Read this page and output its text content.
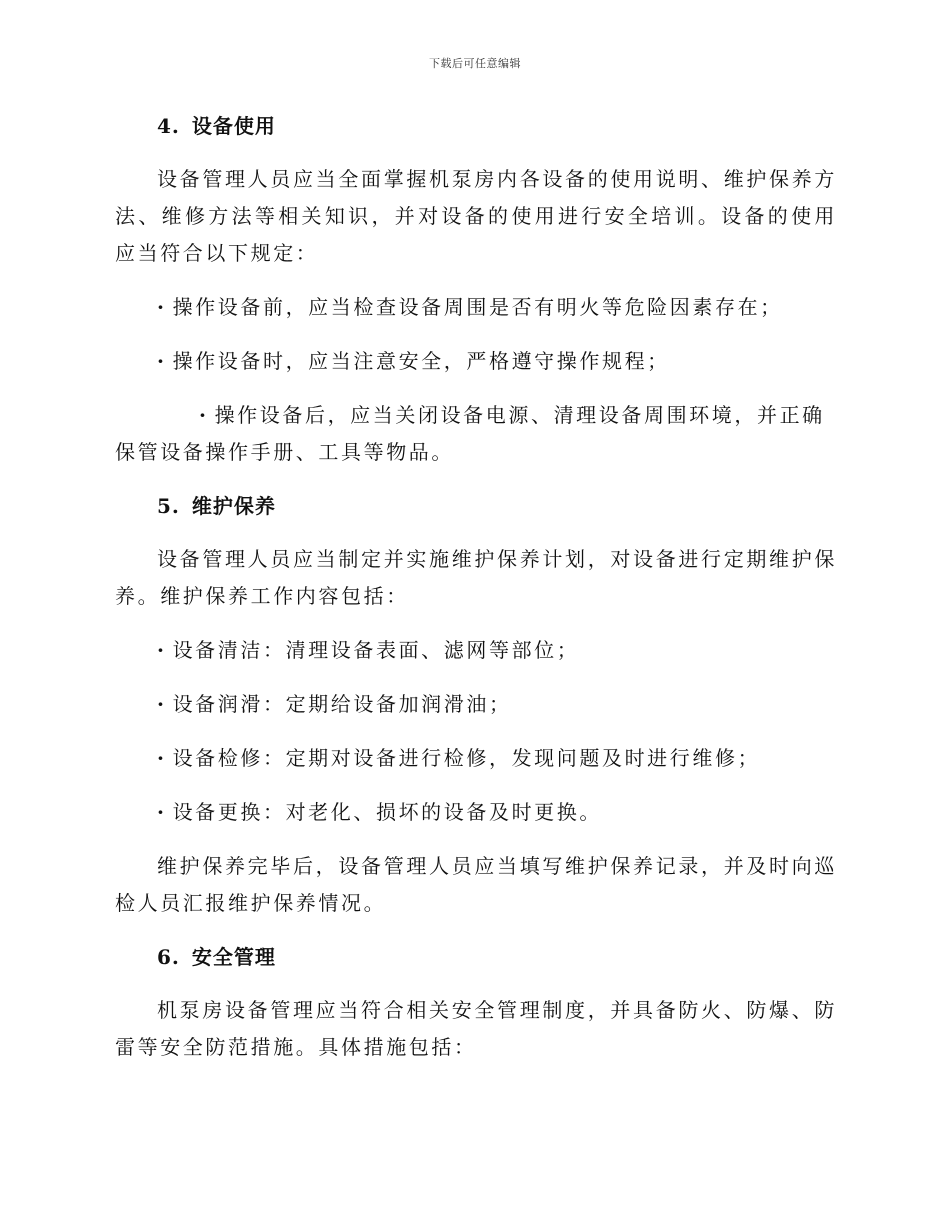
下载后可任意编辑
4. 设备使用

设备管理人员应当全面掌握机泵房内各设备的使用说明、维护保养方法、维修方法等相关知识，并对设备的使用进行安全培训。设备的使用应当符合以下规定：

· 操作设备前，应当检查设备周围是否有明火等危险因素存在；

· 操作设备时，应当注意安全，严格遵守操作规程；

· 操作设备后，应当关闭设备电源、清理设备周围环境，并正确保管设备操作手册、工具等物品。

5. 维护保养

设备管理人员应当制定并实施维护保养计划，对设备进行定期维护保养。维护保养工作内容包括：

· 设备清洁：清理设备表面、滤网等部位；

· 设备润滑：定期给设备加润滑油；

· 设备检修：定期对设备进行检修，发现问题及时进行维修；

· 设备更换：对老化、损坏的设备及时更换。

维护保养完毕后，设备管理人员应当填写维护保养记录，并及时向巡检人员汇报维护保养情况。

6. 安全管理

机泵房设备管理应当符合相关安全管理制度，并具备防火、防爆、防雷等安全防范措施。具体措施包括：
